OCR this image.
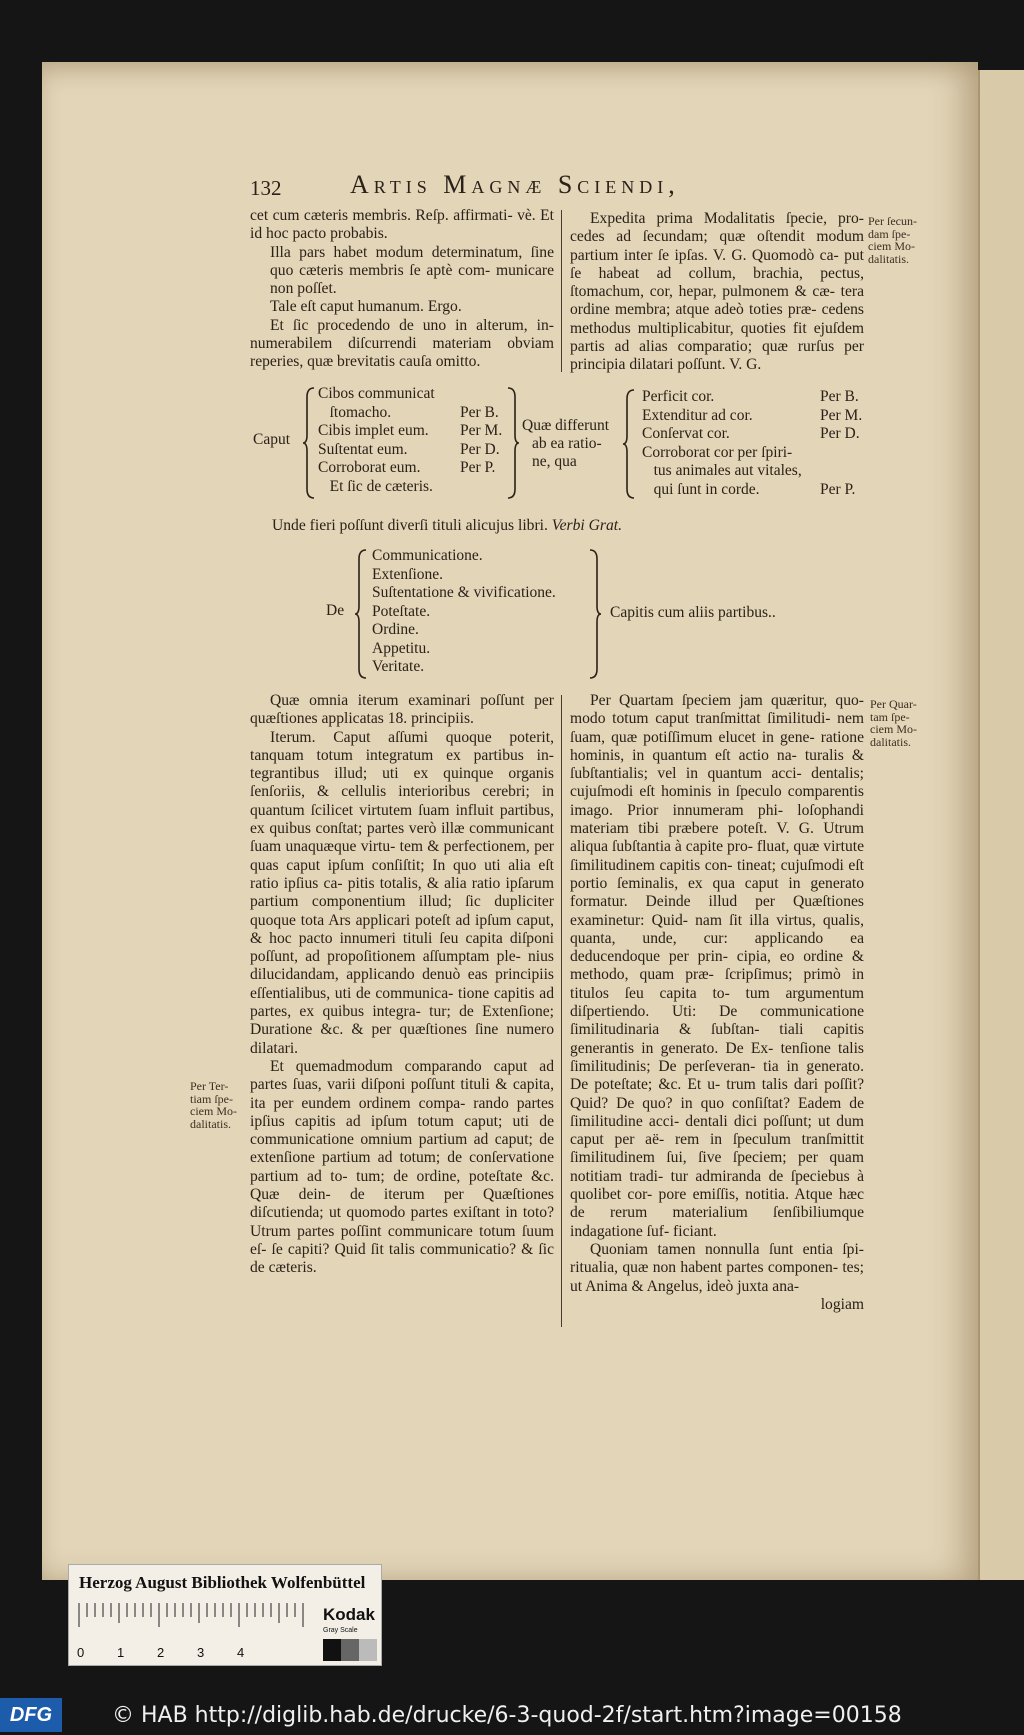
132	Artis Magnæ Sciendi,

cet cum cæteris membris. Reſp. affirmati- vè. Et id hoc pacto probabis.

Illa pars habet modum determinatum, ſine quo cæteris membris ſe aptè com- municare non poſſet.

Tale eſt caput humanum. Ergo.

Et ſic procedendo de uno in alterum, in- numerabilem diſcurrendi materiam obviam reperies, quæ brevitatis cauſa omitto.

Expedita prima Modalitatis ſpecie, pro- cedes ad ſecundam; quæ oſtendit modum partium inter ſe ipſas. V. G. Quomodò ca- put ſe habeat ad collum, brachia, pectus, ſtomachum, cor, hepar, pulmonem & cæ- tera ordine membra; atque adeò toties præ- cedens methodus multiplicabitur, quoties fit ejuſdem partis ad alias comparatio; quæ rurſus per principia dilatari poſſunt. V. G.

Per ſecun- dam ſpe- ciem Mo- dalitatis.
Caput
Cibos communicat
ſtomacho.	Per B.
Cibis implet eum. Per M.
Suſtentat eum.	Per D.
Corroborat eum.	Per P.
Et ſic de cæteris.
Quæ differunt
ab ea ratio-
ne, qua
Perficit cor.	Per B.
Extenditur ad cor.	Per M.
Conſervat cor.	Per D.
Corroborat cor per ſpiri-
tus animales aut vitales,
qui ſunt in corde.	Per P.
Unde fieri poſſunt diverſi tituli alicujus libri. Verbi Grat.
De
Communicatione.
Extenſione.
Suſtentatione & vivificatione.
Poteſtate.
Ordine.
Appetitu.
Veritate.
Capitis cum aliis partibus..

Quæ omnia iterum examinari poſſunt per quæſtiones applicatas 18. principiis.

Iterum. Caput aſſumi quoque poterit, tanquam totum integratum ex partibus in- tegrantibus illud; uti ex quinque organis ſenſoriis, & cellulis interioribus cerebri; in quantum ſcilicet virtutem ſuam influit partibus, ex quibus conſtat; partes verò illæ communicant ſuam unaquæque virtu- tem & perfectionem, per quas caput ipſum conſiſtit; In quo uti alia eſt ratio ipſius ca- pitis totalis, & alia ratio ipſarum partium componentium illud; ſic dupliciter quoque tota Ars applicari poteſt ad ipſum caput, & hoc pacto innumeri tituli ſeu capita diſponi poſſunt, ad propoſitionem aſſumptam ple- nius dilucidandam, applicando denuò eas principiis eſſentialibus, uti de communica- tione capitis ad partes, ex quibus integra- tur; de Extenſione; Duratione &c. & per quæſtiones ſine numero dilatari.

Et quemadmodum comparando caput ad partes ſuas, varii diſponi poſſunt tituli & capita, ita per eundem ordinem compa- rando partes ipſius capitis ad ipſum totum caput; uti de communicatione omnium partium ad caput; de extenſione partium ad totum; de conſervatione partium ad to- tum; de ordine, poteſtate &c. Quæ dein- de iterum per Quæſtiones diſcutienda; ut quomodo partes exiſtant in toto? Utrum partes poſſint communicare totum ſuum eſ- ſe capiti? Quid ſit talis communicatio? & ſic de cæteris.

Per Quartam ſpeciem jam quæritur, quo- modo totum caput tranſmittat ſimilitudi- nem ſuam, quæ potiſſimum elucet in gene- ratione hominis, in quantum eſt actio na- turalis & ſubſtantialis; vel in quantum acci- dentalis; cujuſmodi eſt hominis in ſpeculo comparentis imago. Prior innumeram phi- loſophandi materiam tibi præbere poteſt. V. G. Utrum aliqua ſubſtantia à capite pro- fluat, quæ virtute ſimilitudinem capitis con- tineat; cujuſmodi eſt portio ſeminalis, ex qua caput in generato formatur. Deinde illud per Quæſtiones examinetur: Quid- nam ſit illa virtus, qualis, quanta, unde, cur: applicando ea deducendoque per prin- cipia, eo ordine & methodo, quam præ- ſcripſimus; primò in titulos ſeu capita to- tum argumentum diſpertiendo. Uti: De communicatione ſimilitudinaria & ſubſtan- tiali capitis generantis in generato. De Ex- tenſione talis ſimilitudinis; De perſeveran- tia in generato. De poteſtate; &c. Et u- trum talis dari poſſit? Quid? De quo? in quo conſiſtat? Eadem de ſimilitudine acci- dentali dici poſſunt; ut dum caput per aë- rem in ſpeculum tranſmittit ſimilitudinem ſui, ſive ſpeciem; per quam notitiam tradi- tur admiranda de ſpeciebus à quolibet cor- pore emiſſis, notitia. Atque hæc de rerum materialium ſenſibiliumque indagatione ſuf- ficiant.

Quoniam tamen nonnulla ſunt entia ſpi- ritualia, quæ non habent partes componen- tes; ut Anima & Angelus, ideò juxta ana-

logiam

Per Quar- tam ſpe- ciem Mo- dalitatis.
Per Ter- tiam ſpe- ciem Mo- dalitatis.
Herzog August Bibliothek Wolfenbüttel
0	1	2	3	4
Kodak
Gray Scale
DFG	© HAB http://diglib.hab.de/drucke/6-3-quod-2f/start.htm?image=00158
